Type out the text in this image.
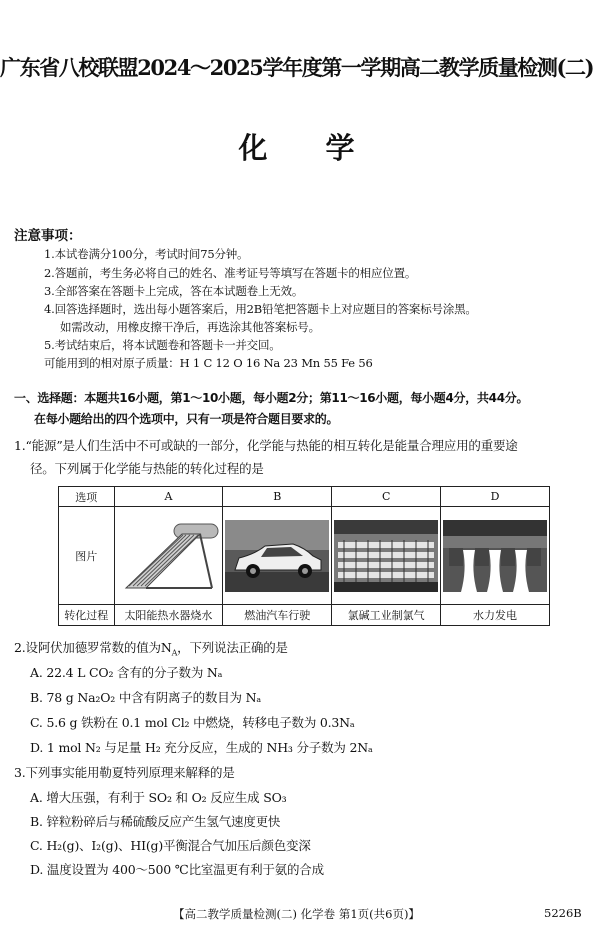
广东省八校联盟2024～2025学年度第一学期高二教学质量检测(二)
化学
注意事项：
1.本试卷满分100分，考试时间75分钟。
2.答题前，考生务必将自己的姓名、准考证号等填写在答题卡的相应位置。
3.全部答案在答题卡上完成，答在本试题卷上无效。
4.回答选择题时，选出每小题答案后，用2B铅笔把答题卡上对应题目的答案标号涂黑。
如需改动，用橡皮擦干净后，再选涂其他答案标号。
5.考试结束后，将本试题卷和答题卡一并交回。
可能用到的相对原子质量：H 1 C 12 O 16 Na 23 Mn 55 Fe 56
一、选择题：本题共16小题，第1～10小题，每小题2分；第11～16小题，每小题4分，共44分。
在每小题给出的四个选项中，只有一项是符合题目要求的。
1.“能源”是人们生活中不可或缺的一部分，化学能与热能的相互转化是能量合理应用的重要途
径。下列属于化学能与热能的转化过程的是
选项	A	B	C	D
图片	

转化过程	太阳能热水器烧水	燃油汽车行驶	氯碱工业制氯气	水力发电
2.设阿伏加德罗常数的值为$N_A$，下列说法正确的是
A. 22.4 L CO₂ 含有的分子数为 Nₐ
B. 78 g Na₂O₂ 中含有阴离子的数目为 Nₐ
C. 5.6 g 铁粉在 0.1 mol Cl₂ 中燃烧，转移电子数为 0.3Nₐ
D. 1 mol N₂ 与足量 H₂ 充分反应，生成的 NH₃ 分子数为 2Nₐ
3.下列事实能用勒夏特列原理来解释的是
A. 增大压强，有利于 SO₂ 和 O₂ 反应生成 SO₃
B. 锌粒粉碎后与稀硫酸反应产生氢气速度更快
C. H₂(g)、I₂(g)、HI(g)平衡混合气加压后颜色变深
D. 温度设置为 400～500 ℃比室温更有利于氨的合成
【高二教学质量检测(二) 化学卷 第1页(共6页)】	5226B
